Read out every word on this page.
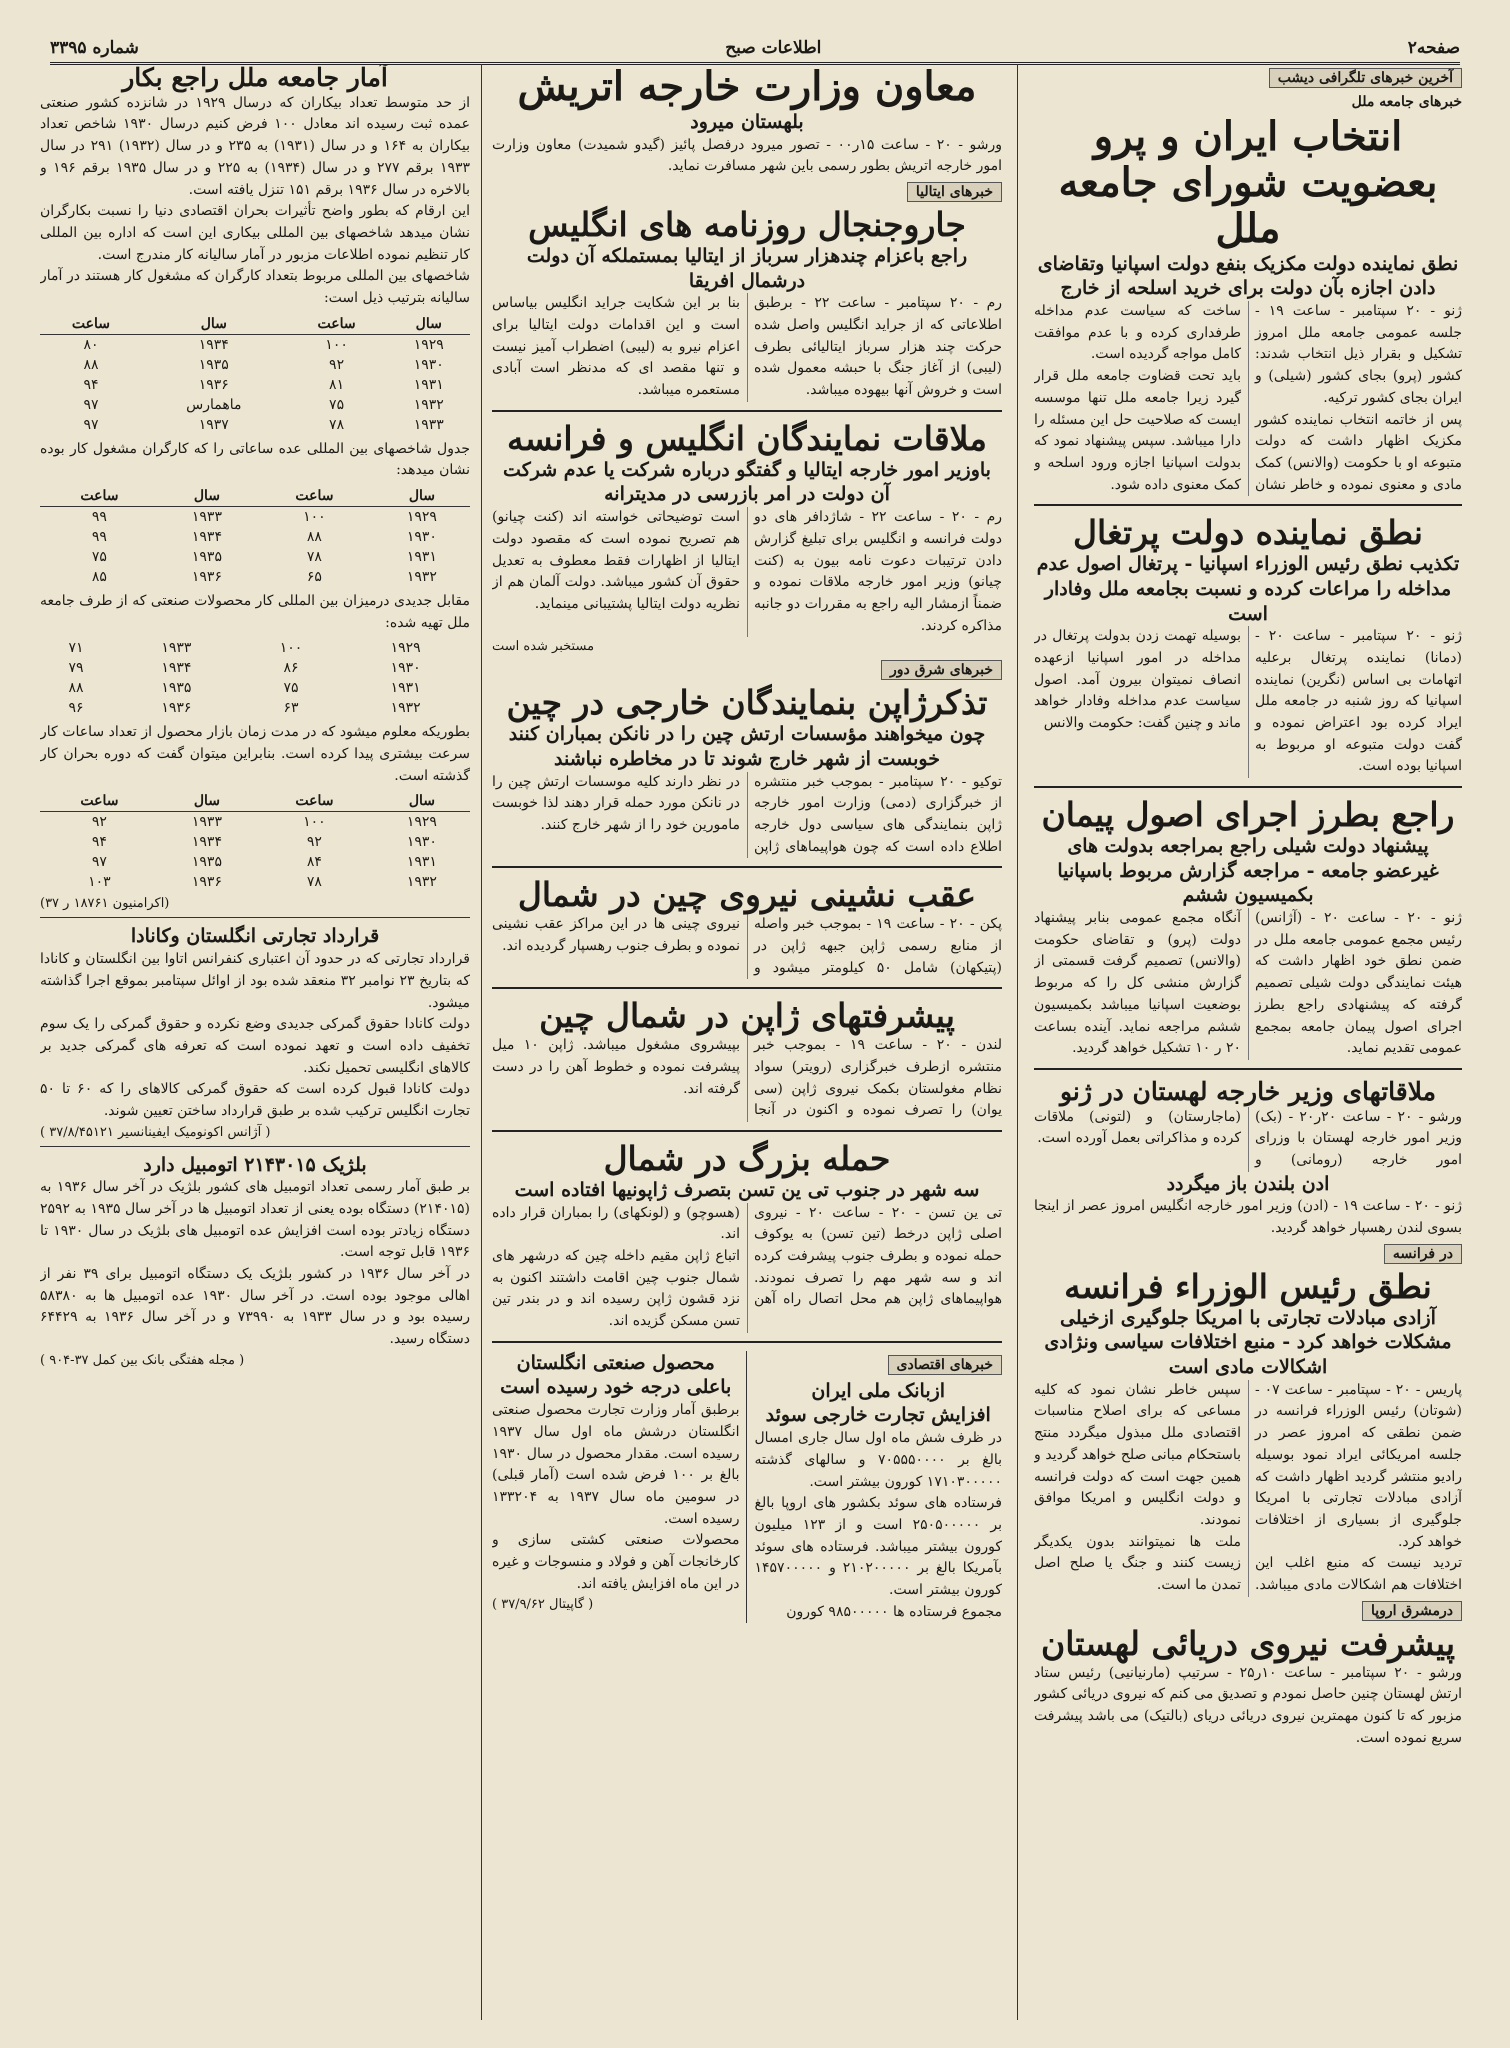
صفحه۲
اطلاعات صبح
شماره ۳۳۹۵
آخرین خبرهای تلگرافی دیشب
خبرهای جامعه ملل
انتخاب ایران و پرو بعضویت شورای جامعه ملل

نطق نماینده دولت مکزیک بنفع دولت اسپانیا وتقاضای دادن اجازه بآن دولت برای خرید اسلحه از خارج

ژنو - ۲۰ سپتامبر - ساعت ۱۹ - جلسه عمومی جامعه ملل امروز تشکیل و بقرار ذیل انتخاب شدند: کشور (پرو) بجای کشور (شیلی) و ایران بجای کشور ترکیه.

پس از خاتمه انتخاب نماینده کشور مکزیک اظهار داشت که دولت متبوعه او با حکومت (والانس) کمک مادی و معنوی نموده و خاطر نشان ساخت که سیاست عدم مداخله طرفداری کرده و با عدم موافقت کامل مواجه گردیده است.

باید تحت قضاوت جامعه ملل قرار گیرد زیرا جامعه ملل تنها موسسه ایست که صلاحیت حل این مسئله را دارا میباشد. سپس پیشنهاد نمود که بدولت اسپانیا اجازه ورود اسلحه و کمک معنوی داده شود.

نطق نماینده دولت پرتغال

تکذیب نطق رئیس الوزراء اسپانیا - پرتغال اصول عدم مداخله را مراعات کرده و نسبت بجامعه ملل وفادار است

ژنو - ۲۰ سپتامبر - ساعت ۲۰ - (دمانا) نماینده پرتغال برعلیه اتهامات بی اساس (نگرین) نماینده اسپانیا که روز شنبه در جامعه ملل ایراد کرده بود اعتراض نموده و گفت دولت متبوعه او مربوط به اسپانیا بوده است.

بوسیله تهمت زدن بدولت پرتغال در مداخله در امور اسپانیا ازعهده انصاف نمیتوان بیرون آمد. اصول سیاست عدم مداخله وفادار خواهد ماند و چنین گفت: حکومت والانس

راجع بطرز اجرای اصول پیمان

پیشنهاد دولت شیلی راجع بمراجعه بدولت های غیرعضو جامعه - مراجعه گزارش مربوط باسپانیا بکمیسیون ششم

ژنو - ۲۰ - ساعت ۲۰ - (آژانس) رئیس مجمع عمومی جامعه ملل در ضمن نطق خود اظهار داشت که هیئت نمایندگی دولت شیلی تصمیم گرفته که پیشنهادی راجع بطرز اجرای اصول پیمان جامعه بمجمع عمومی تقدیم نماید.

آنگاه مجمع عمومی بنابر پیشنهاد دولت (پرو) و تقاضای حکومت (والانس) تصمیم گرفت قسمتی از گزارش منشی کل را که مربوط بوضعیت اسپانیا میباشد بکمیسیون ششم مراجعه نماید. آینده بساعت ۲۰ ر ۱۰ تشکیل خواهد گردید.

ملاقاتهای وزیر خارجه لهستان در ژنو

ورشو - ۲۰ - ساعت ۲۰ر۲۰ - (بک) وزیر امور خارجه لهستان با وزرای امور خارجه (رومانی) و (ماجارستان) و (لتونی) ملاقات کرده و مذاکراتی بعمل آورده است.

ادن بلندن باز میگردد

ژنو - ۲۰ - ساعت ۱۹ - (ادن) وزیر امور خارجه انگلیس امروز عصر از اینجا بسوی لندن رهسپار خواهد گردید.

در فرانسه
نطق رئیس الوزراء فرانسه

آزادی مبادلات تجارتی با امریکا جلوگیری ازخیلی مشکلات خواهد کرد - منبع اختلافات سیاسی ونژادی اشکالات مادی است

پاریس - ۲۰ - سپتامبر - ساعت ۰۷ - (شوتان) رئیس الوزراء فرانسه در ضمن نطقی که امروز عصر در جلسه امریکائی ایراد نمود بوسیله رادیو منتشر گردید اظهار داشت که آزادی مبادلات تجارتی با امریکا جلوگیری از بسیاری از اختلافات خواهد کرد.

تردید نیست که منبع اغلب این اختلافات هم اشکالات مادی میباشد. سپس خاطر نشان نمود که کلیه مساعی که برای اصلاح مناسبات اقتصادی ملل مبذول میگردد منتج باستحکام مبانی صلح خواهد گردید و همین جهت است که دولت فرانسه و دولت انگلیس و امریکا موافق نمودند.

ملت ها نمیتوانند بدون یکدیگر زیست کنند و جنگ یا صلح اصل تمدن ما است.

درمشرق اروپا
پیشرفت نیروی دریائی لهستان

ورشو - ۲۰ سپتامبر - ساعت ۱۰ر۲۵ - سرتیپ (مارنیانیی) رئیس ستاد ارتش لهستان چنین حاصل نمودم و تصدیق می کنم که نیروی دریائی کشور مزبور که تا کنون مهمترین نیروی دریائی دریای (بالتیک) می باشد پیشرفت سریع نموده است.

معاون وزارت خارجه اتریش

بلهستان میرود

ورشو - ۲۰ - ساعت ۱۵ر۰۰ - تصور میرود درفصل پائیز (گیدو شمیدت) معاون وزارت امور خارجه اتریش بطور رسمی باین شهر مسافرت نماید.

خبرهای ایتالیا
جاروجنجال روزنامه های انگلیس

راجع باعزام چندهزار سرباز از ایتالیا بمستملکه آن دولت درشمال افریقا

رم - ۲۰ سپتامبر - ساعت ۲۲ - برطبق اطلاعاتی که از جراید انگلیس واصل شده حرکت چند هزار سرباز ایتالیائی بطرف (لیبی) از آغاز جنگ با حبشه معمول شده است و خروش آنها بیهوده میباشد.

بنا بر این شکایت جراید انگلیس بیاساس است و این اقدامات دولت ایتالیا برای اعزام نیرو به (لیبی) اضطراب آمیز نیست و تنها مقصد ای که مدنظر است آبادی مستعمره میباشد.

ملاقات نمایندگان انگلیس و فرانسه

باوزیر امور خارجه ایتالیا و گفتگو درباره شرکت یا عدم شرکت آن دولت در امر بازرسی در مدیترانه

رم - ۲۰ - ساعت ۲۲ - شاژدافر های دو دولت فرانسه و انگلیس برای تبلیغ گزارش دادن ترتیبات دعوت نامه بیون به (کنت چیانو) وزیر امور خارجه ملاقات نموده و ضمناً ازمشار الیه راجع به مقررات دو جانبه مذاکره کردند.

است توضیحاتی خواسته اند (کنت چیانو) هم تصریح نموده است که مقصود دولت ایتالیا از اظهارات فقط معطوف به تعدیل حقوق آن کشور میباشد. دولت آلمان هم از نظریه دولت ایتالیا پشتیبانی مینماید.

مستخبر شده است

خبرهای شرق دور
تذکرژاپن بنمایندگان خارجی در چین

چون میخواهند مؤسسات ارتش چین را در نانکن بمباران کنند خوبست از شهر خارج شوند تا در مخاطره نباشند

توکیو - ۲۰ سپتامبر - بموجب خبر منتشره از خبرگزاری (دمی) وزارت امور خارجه ژاپن بنمایندگی های سیاسی دول خارجه اطلاع داده است که چون هواپیماهای ژاپن در نظر دارند کلیه موسسات ارتش چین را در نانکن مورد حمله قرار دهند لذا خوبست مامورین خود را از شهر خارج کنند.

عقب نشینی نیروی چین در شمال

پکن - ۲۰ - ساعت ۱۹ - بموجب خبر واصله از منابع رسمی ژاپن جبهه ژاپن در (پتیکهان) شامل ۵۰ کیلومتر میشود و نیروی چینی ها در این مراکز عقب نشینی نموده و بطرف جنوب رهسپار گردیده اند.

پیشرفتهای ژاپن در شمال چین

لندن - ۲۰ - ساعت ۱۹ - بموجب خبر منتشره ازطرف خبرگزاری (رویتر) سواد نظام مغولستان بکمک نیروی ژاپن (سی یوان) را تصرف نموده و اکنون در آنجا بپیشروی مشغول میباشد. ژاپن ۱۰ میل پیشرفت نموده و خطوط آهن را در دست گرفته اند.

حمله بزرگ در شمال

سه شهر در جنوب تی ین تسن بتصرف ژاپونیها افتاده است

تی ین تسن - ۲۰ - ساعت ۲۰ - نیروی اصلی ژاپن درخط (تین تسن) به یوکوف حمله نموده و بطرف جنوب پیشرفت کرده اند و سه شهر مهم را تصرف نمودند. هواپیماهای ژاپن هم محل اتصال راه آهن (هسوچو) و (لونکهای) را بمباران قرار داده اند.

اتباع ژاپن مقیم داخله چین که درشهر های شمال جنوب چین اقامت داشتند اکنون به نزد قشون ژاپن رسیده اند و در بندر تین تسن مسکن گزیده اند.

خبرهای اقتصادی

ازبانک ملی ایران

افزایش تجارت خارجی سوئد

در ظرف شش ماه اول سال جاری امسال بالغ بر ۷۰۵۵۵۰۰۰۰ و سالهای گذشته ۱۷۱۰۳۰۰۰۰۰ کورون بیشتر است.

فرستاده های سوئد بکشور های اروپا بالغ بر ۲۵۰۵۰۰۰۰۰ است و از ۱۲۳ میلیون کورون بیشتر میباشد. فرستاده های سوئد بآمریکا بالغ بر ۲۱۰۲۰۰۰۰۰ و ۱۴۵۷۰۰۰۰۰ کورون بیشتر است.

مجموع فرستاده ها ۹۸۵۰۰۰۰۰ کورون

محصول صنعتی انگلستان باعلی درجه خود رسیده است

برطبق آمار وزارت تجارت محصول صنعتی انگلستان درشش ماه اول سال ۱۹۳۷ رسیده است. مقدار محصول در سال ۱۹۳۰ بالغ بر ۱۰۰ فرض شده است (آمار قبلی) در سومین ماه سال ۱۹۳۷ به ۱۳۳۲۰۴ رسیده است.

محصولات صنعتی کشتی سازی و کارخانجات آهن و فولاد و منسوجات و غیره در این ماه افزایش یافته اند.

( گاپیتال ۳۷/۹/۶۲ )

آمار جامعه ملل راجع بکار

از حد متوسط تعداد بیکاران که درسال ۱۹۲۹ در شانزده کشور صنعتی عمده ثبت رسیده اند معادل ۱۰۰ فرض کنیم درسال ۱۹۳۰ شاخص تعداد بیکاران به ۱۶۴ و در سال (۱۹۳۱) به ۲۳۵ و در سال (۱۹۳۲) ۲۹۱ در سال ۱۹۳۳ برقم ۲۷۷ و در سال (۱۹۳۴) به ۲۲۵ و در سال ۱۹۳۵ برقم ۱۹۶ و بالاخره در سال ۱۹۳۶ برقم ۱۵۱ تنزل یافته است.

این ارقام که بطور واضح تأثیرات بحران اقتصادی دنیا را نسبت بکارگران نشان میدهد شاخصهای بین المللی بیکاری این است که اداره بین المللی کار تنظیم نموده اطلاعات مزبور در آمار ساليانه کار مندرج است.

شاخصهای بین المللی مربوط بتعداد کارگران که مشغول کار هستند در آمار سالیانه بترتیب ذیل است:

سال	ساعت	سال	ساعت
۱۹۲۹	۱۰۰	۱۹۳۴	۸۰
۱۹۳۰	۹۲	۱۹۳۵	۸۸
۱۹۳۱	۸۱	۱۹۳۶	۹۴
۱۹۳۲	۷۵	ماهمارس	۹۷
۱۹۳۳	۷۸	۱۹۳۷	۹۷

جدول شاخصهای بین المللی عده ساعاتی را که کارگران مشغول کار بوده نشان میدهد:

سال	ساعت	سال	ساعت
۱۹۲۹	۱۰۰	۱۹۳۳	۹۹
۱۹۳۰	۸۸	۱۹۳۴	۹۹
۱۹۳۱	۷۸	۱۹۳۵	۷۵
۱۹۳۲	۶۵	۱۹۳۶	۸۵

مقابل جدیدی درمیزان بین المللی کار محصولات صنعتی که از طرف جامعه ملل تهیه شده:

۱۹۲۹	۱۰۰	۱۹۳۳	۷۱
۱۹۳۰	۸۶	۱۹۳۴	۷۹
۱۹۳۱	۷۵	۱۹۳۵	۸۸
۱۹۳۲	۶۳	۱۹۳۶	۹۶

بطوریکه معلوم میشود که در مدت زمان بازار محصول از تعداد ساعات کار سرعت بیشتری پیدا کرده است. بنابراین میتوان گفت که دوره بحران کار گذشته است.

سال	ساعت	سال	ساعت
۱۹۲۹	۱۰۰	۱۹۳۳	۹۲
۱۹۳۰	۹۲	۱۹۳۴	۹۴
۱۹۳۱	۸۴	۱۹۳۵	۹۷
۱۹۳۲	۷۸	۱۹۳۶	۱۰۳

(اکرامنیون ۱۸۷۶۱ ر ۳۷)

قرارداد تجارتی انگلستان وکانادا

قرارداد تجارتی که در حدود آن اعتباری کنفرانس اتاوا بین انگلستان و کانادا که بتاریخ ۲۳ نوامبر ۳۲ منعقد شده بود از اوائل سپتامبر بموقع اجرا گذاشته میشود.

دولت کانادا حقوق گمرکی جدیدی وضع نکرده و حقوق گمرکی را یک سوم تخفیف داده است و تعهد نموده است که تعرفه های گمرکی جدید بر کالاهای انگلیسی تحمیل نکند.

دولت کانادا قبول کرده است که حقوق گمرکی کالاهای را که ۶۰ تا ۵۰ تجارت انگلیس ترکیب شده بر طبق قرارداد ساختن تعیین شوند.

( آژانس اکونومیک ایفینانسیر ۳۷/۸/۴۵۱۲۱ )

بلژیک ۲۱۴۳۰۱۵ اتومبیل دارد

بر طبق آمار رسمی تعداد اتومبیل های کشور بلژیک در آخر سال ۱۹۳۶ به (۲۱۴۰۱۵) دستگاه بوده یعنی از تعداد اتومبیل ها در آخر سال ۱۹۳۵ به ۲۵۹۲ دستگاه زیادتر بوده است افزایش عده اتومبیل های بلژیک در سال ۱۹۳۰ تا ۱۹۳۶ قابل توجه است.

در آخر سال ۱۹۳۶ در کشور بلژیک یک دستگاه اتومبیل برای ۳۹ نفر از اهالی موجود بوده است. در آخر سال ۱۹۳۰ عده اتومبیل ها به ۵۸۳۸۰ رسیده بود و در سال ۱۹۳۳ به ۷۳۹۹۰ و در آخر سال ۱۹۳۶ به ۶۴۴۲۹ دستگاه رسید.

( مجله هفتگی بانک بین کمل ۳۷-۹۰۴ )
